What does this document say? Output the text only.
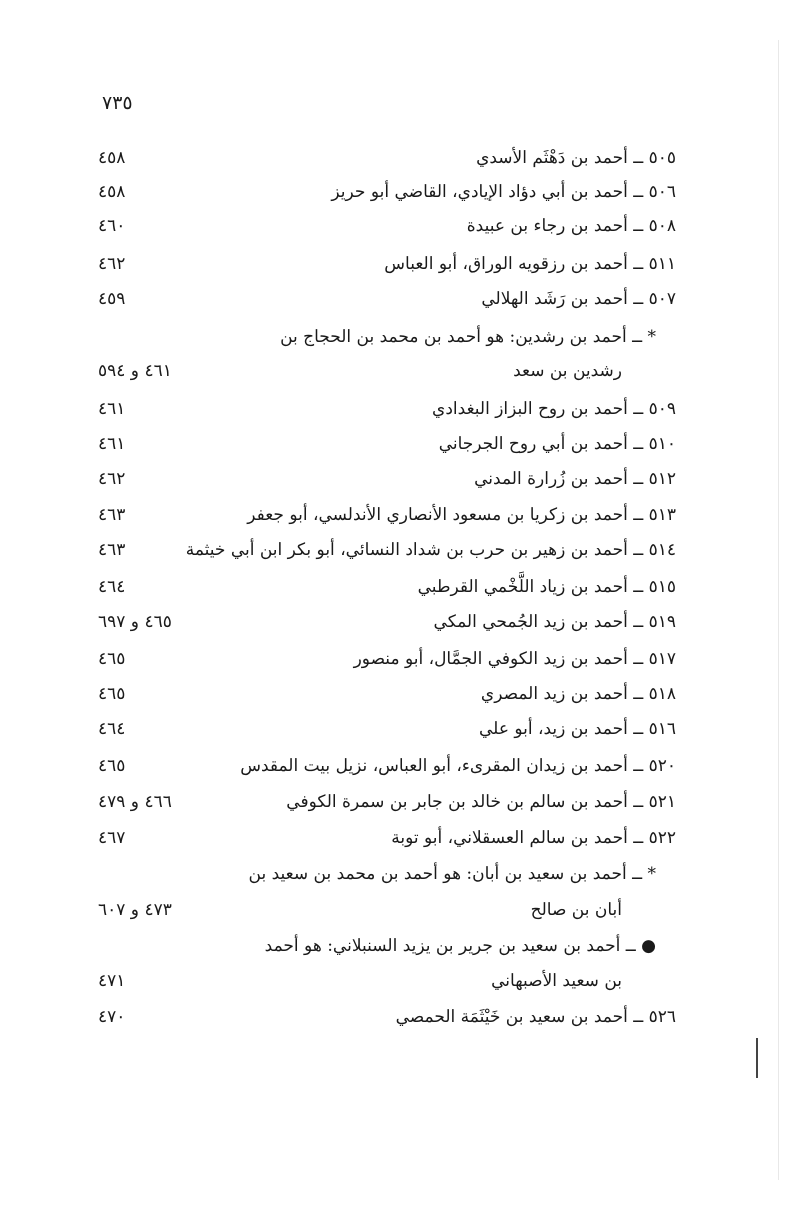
٧٣٥
٥٠٥ ــ أحمد بن دَهْثَم الأسدي
٤٥٨
٥٠٦ ــ أحمد بن أبي دؤاد الإيادي، القاضي أبو حريز
٤٥٨
٥٠٨ ــ أحمد بن رجاء بن عبيدة
٤٦٠
٥١١ ــ أحمد بن رزقويه الوراق، أبو العباس
٤٦٢
٥٠٧ ــ أحمد بن رَشَد الهلالي
٤٥٩
* ــ أحمد بن رشدين: هو أحمد بن محمد بن الحجاج بن
رشدين بن سعد
٤٦١ و ٥٩٤
٥٠٩ ــ أحمد بن روح البزاز البغدادي
٤٦١
٥١٠ ــ أحمد بن أبي روح الجرجاني
٤٦١
٥١٢ ــ أحمد بن زُرارة المدني
٤٦٢
٥١٣ ــ أحمد بن زكريا بن مسعود الأنصاري الأندلسي، أبو جعفر
٤٦٣
٥١٤ ــ أحمد بن زهير بن حرب بن شداد النسائي، أبو بكر ابن أبي خيثمة
٤٦٣
٥١٥ ــ أحمد بن زياد اللَّخْمي القرطبي
٤٦٤
٥١٩ ــ أحمد بن زيد الجُمحي المكي
٤٦٥ و ٦٩٧
٥١٧ ــ أحمد بن زيد الكوفي الجمَّال، أبو منصور
٤٦٥
٥١٨ ــ أحمد بن زيد المصري
٤٦٥
٥١٦ ــ أحمد بن زيد، أبو علي
٤٦٤
٥٢٠ ــ أحمد بن زيدان المقرىء، أبو العباس، نزيل بيت المقدس
٤٦٥
٥٢١ ــ أحمد بن سالم بن خالد بن جابر بن سمرة الكوفي
٤٦٦ و ٤٧٩
٥٢٢ ــ أحمد بن سالم العسقلاني، أبو توبة
٤٦٧
* ــ أحمد بن سعيد بن أبان: هو أحمد بن محمد بن سعيد بن
أبان بن صالح
٤٧٣ و ٦٠٧
● ــ أحمد بن سعيد بن جرير بن يزيد السنبلاني: هو أحمد
بن سعيد الأصبهاني
٤٧١
٥٢٦ ــ أحمد بن سعيد بن خَيْثَمَة الحمصي
٤٧٠
